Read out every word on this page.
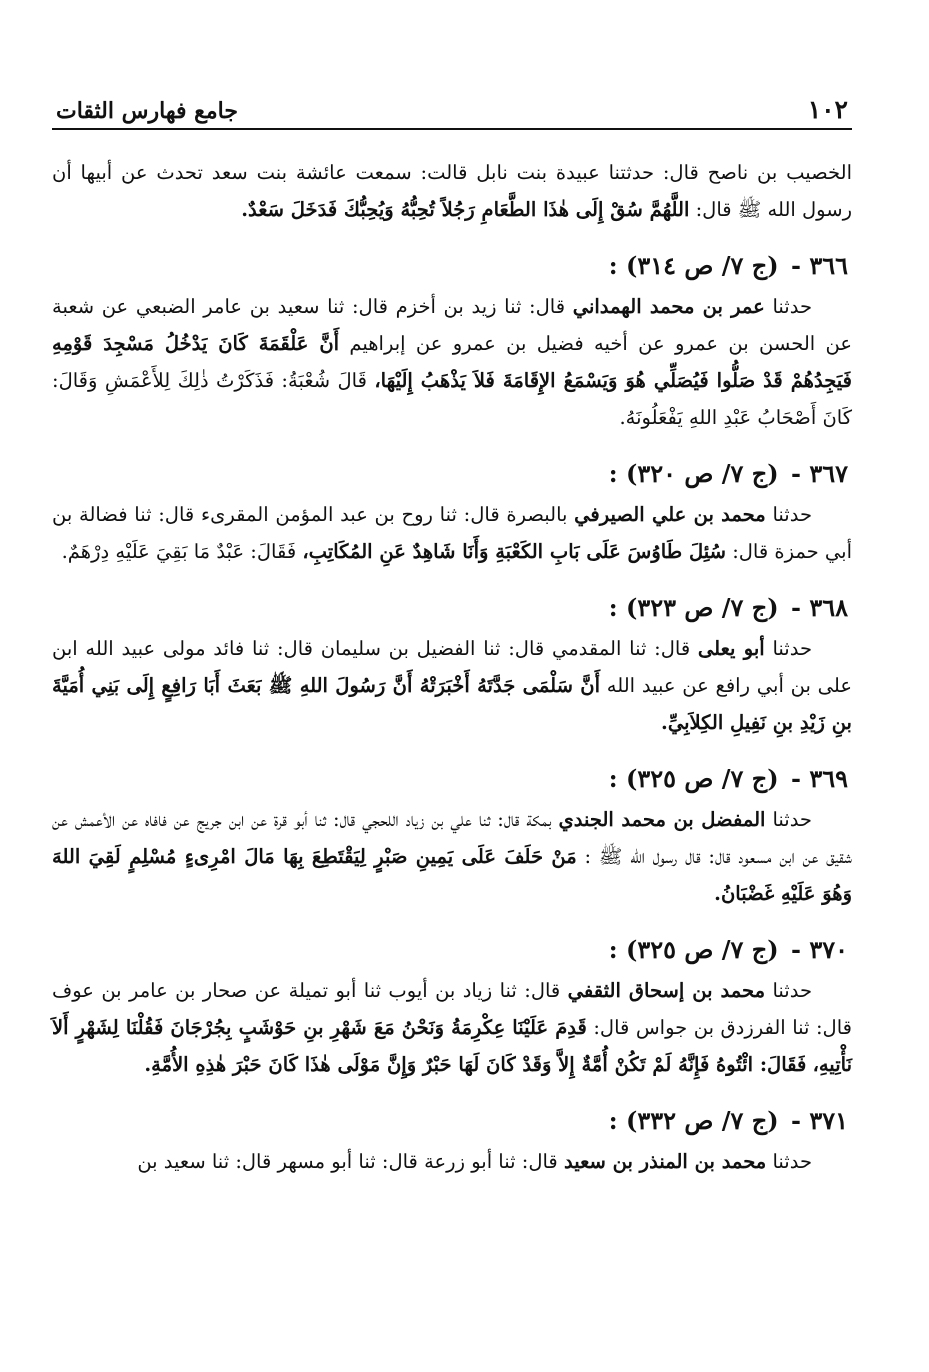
١٠٢
جامع فهارس الثقات

الخصيب بن ناصح قال: حدثتنا عبيدة بنت نابل قالت: سمعت عائشة بنت سعد تحدث عن أبيها أن رسول الله ﷺ قال: اللَّهُمَّ سُقْ إِلَى هٰذَا الطَّعَامِ رَجُلاً تُحِبُّهُ وَيُحِبُّكَ فَدَخَلَ سَعْدٌ.

٣٦٦ - (ج ٧/ ص ٣١٤) :

حدثنا عمر بن محمد الهمداني قال: ثنا زيد بن أخزم قال: ثنا سعيد بن عامر الضبعي عن شعبة عن الحسن بن عمرو عن أخيه فضيل بن عمرو عن إبراهيم أَنَّ عَلْقَمَةَ كَانَ يَدْخُلُ مَسْجِدَ قَوْمِهِ فَيَجِدُهُمْ قَدْ صَلُّوا فَيُصَلِّي هُوَ وَيَسْمَعُ الإِقَامَةَ فَلاَ يَذْهَبُ إِلَيْهَا، قَالَ شُعْبَةُ: فَذَكَرْتُ ذٰلِكَ لِلأَعْمَشِ وَقَالَ: كَانَ أَصْحَابُ عَبْدِ اللهِ يَفْعَلُونَهُ.

٣٦٧ - (ج ٧/ ص ٣٢٠) :

حدثنا محمد بن علي الصيرفي بالبصرة قال: ثنا روح بن عبد المؤمن المقرىء قال: ثنا فضالة بن أبي حمزة قال: سُئِلَ طَاوُسَ عَلَى بَابِ الكَعْبَةِ وَأَنَا شَاهِدٌ عَنِ المُكَاتِبِ، فَقَالَ: عَبْدٌ مَا بَقِيَ عَلَيْهِ دِرْهَمٌ.

٣٦٨ - (ج ٧/ ص ٣٢٣) :

حدثنا أبو يعلى قال: ثنا المقدمي قال: ثنا الفضيل بن سليمان قال: ثنا فائد مولى عبيد الله ابن على بن أبي رافع عن عبيد الله أَنَّ سَلْمَى جَدَّتَهُ أَخْبَرَتْهُ أَنَّ رَسُولَ اللهِ ﷺ بَعَثَ أَبَا رَافِعٍ إِلَى بَنِي أُمَيَّةَ بنِ زَيْدِ بنِ نَفِيلِ الكِلاَبِيِّ.

٣٦٩ - (ج ٧/ ص ٣٢٥) :

حدثنا المفضل بن محمد الجندي بمكة قال: ثنا علي بن زياد اللحجي قال: ثنا أبو قرة عن ابن جريج عن فافاه عن الأعمش عن شقيق عن ابن مسعود قال: قال رسول الله ﷺ : مَنْ حَلَفَ عَلَى يَمِينِ صَبْرٍ لِيَقْتَطِعَ بِهَا مَالَ امْرِىءٍ مُسْلِمٍ لَقِيَ اللهَ وَهُوَ عَلَيْهِ غَضْبَانُ.

٣٧٠ - (ج ٧/ ص ٣٢٥) :

حدثنا محمد بن إسحاق الثقفي قال: ثنا زياد بن أيوب ثنا أبو تميلة عن صحار بن عامر بن عوف قال: ثنا الفرزدق بن جواس قال: قَدِمَ عَلَيْنَا عِكْرِمَةُ وَنَحْنُ مَعَ شَهْرِ بنِ حَوْشَبٍ بِجُرْجَانَ فَقُلْنَا لِشَهْرٍ أَلاَ نَأْتِيهِ، فَقَالَ: ائْتُوهُ فَإِنَّهُ لَمْ تَكُنْ أُمَّةٌ إِلاَّ وَقَدْ كَانَ لَهَا حَبْرٌ وَإِنَّ مَوْلَى هٰذَا كَانَ حَبْرَ هٰذِهِ الأُمَّةِ.

٣٧١ - (ج ٧/ ص ٣٣٢) :

حدثنا محمد بن المنذر بن سعيد قال: ثنا أبو زرعة قال: ثنا أبو مسهر قال: ثنا سعيد بن
